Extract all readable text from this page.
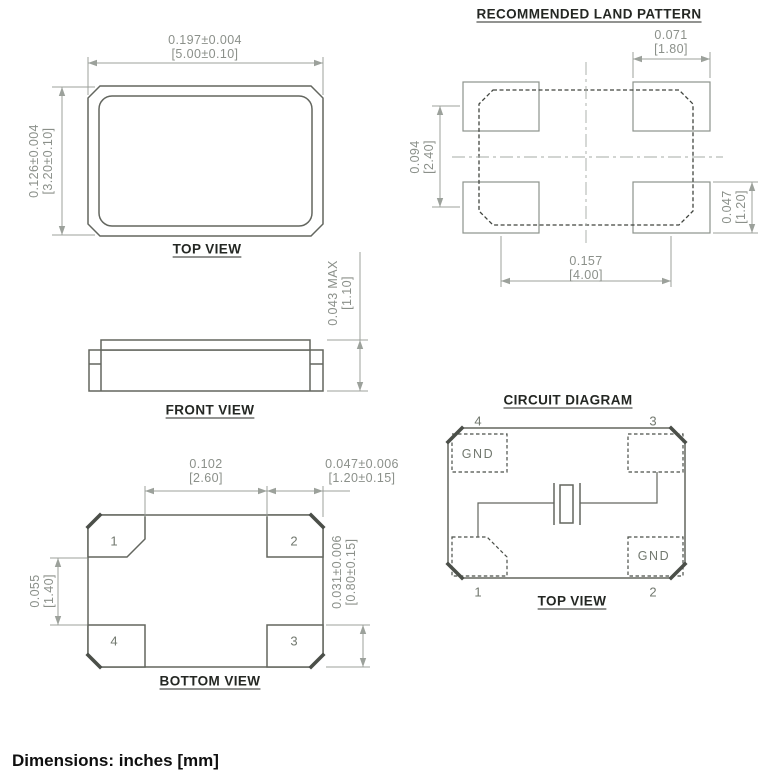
0.197±0.004
[5.00±0.10]
0.126±0.004 [3.20±0.10]
TOP VIEW
0.043 MAX [1.10]
FRONT VIEW
0.102
[2.60]
0.047±0.006
[1.20±0.15]
0.031±0.006 [0.80±0.15]
0.055 [1.40]
1	2
3
4
BOTTOM VIEW
RECOMMENDED LAND PATTERN
0.071
[1.80]
0.094 [2.40]
0.047 [1.20]
0.157
[4.00]
CIRCUIT DIAGRAM
4	3
1	2
GND
GND
TOP VIEW
Dimensions: inches [mm]
